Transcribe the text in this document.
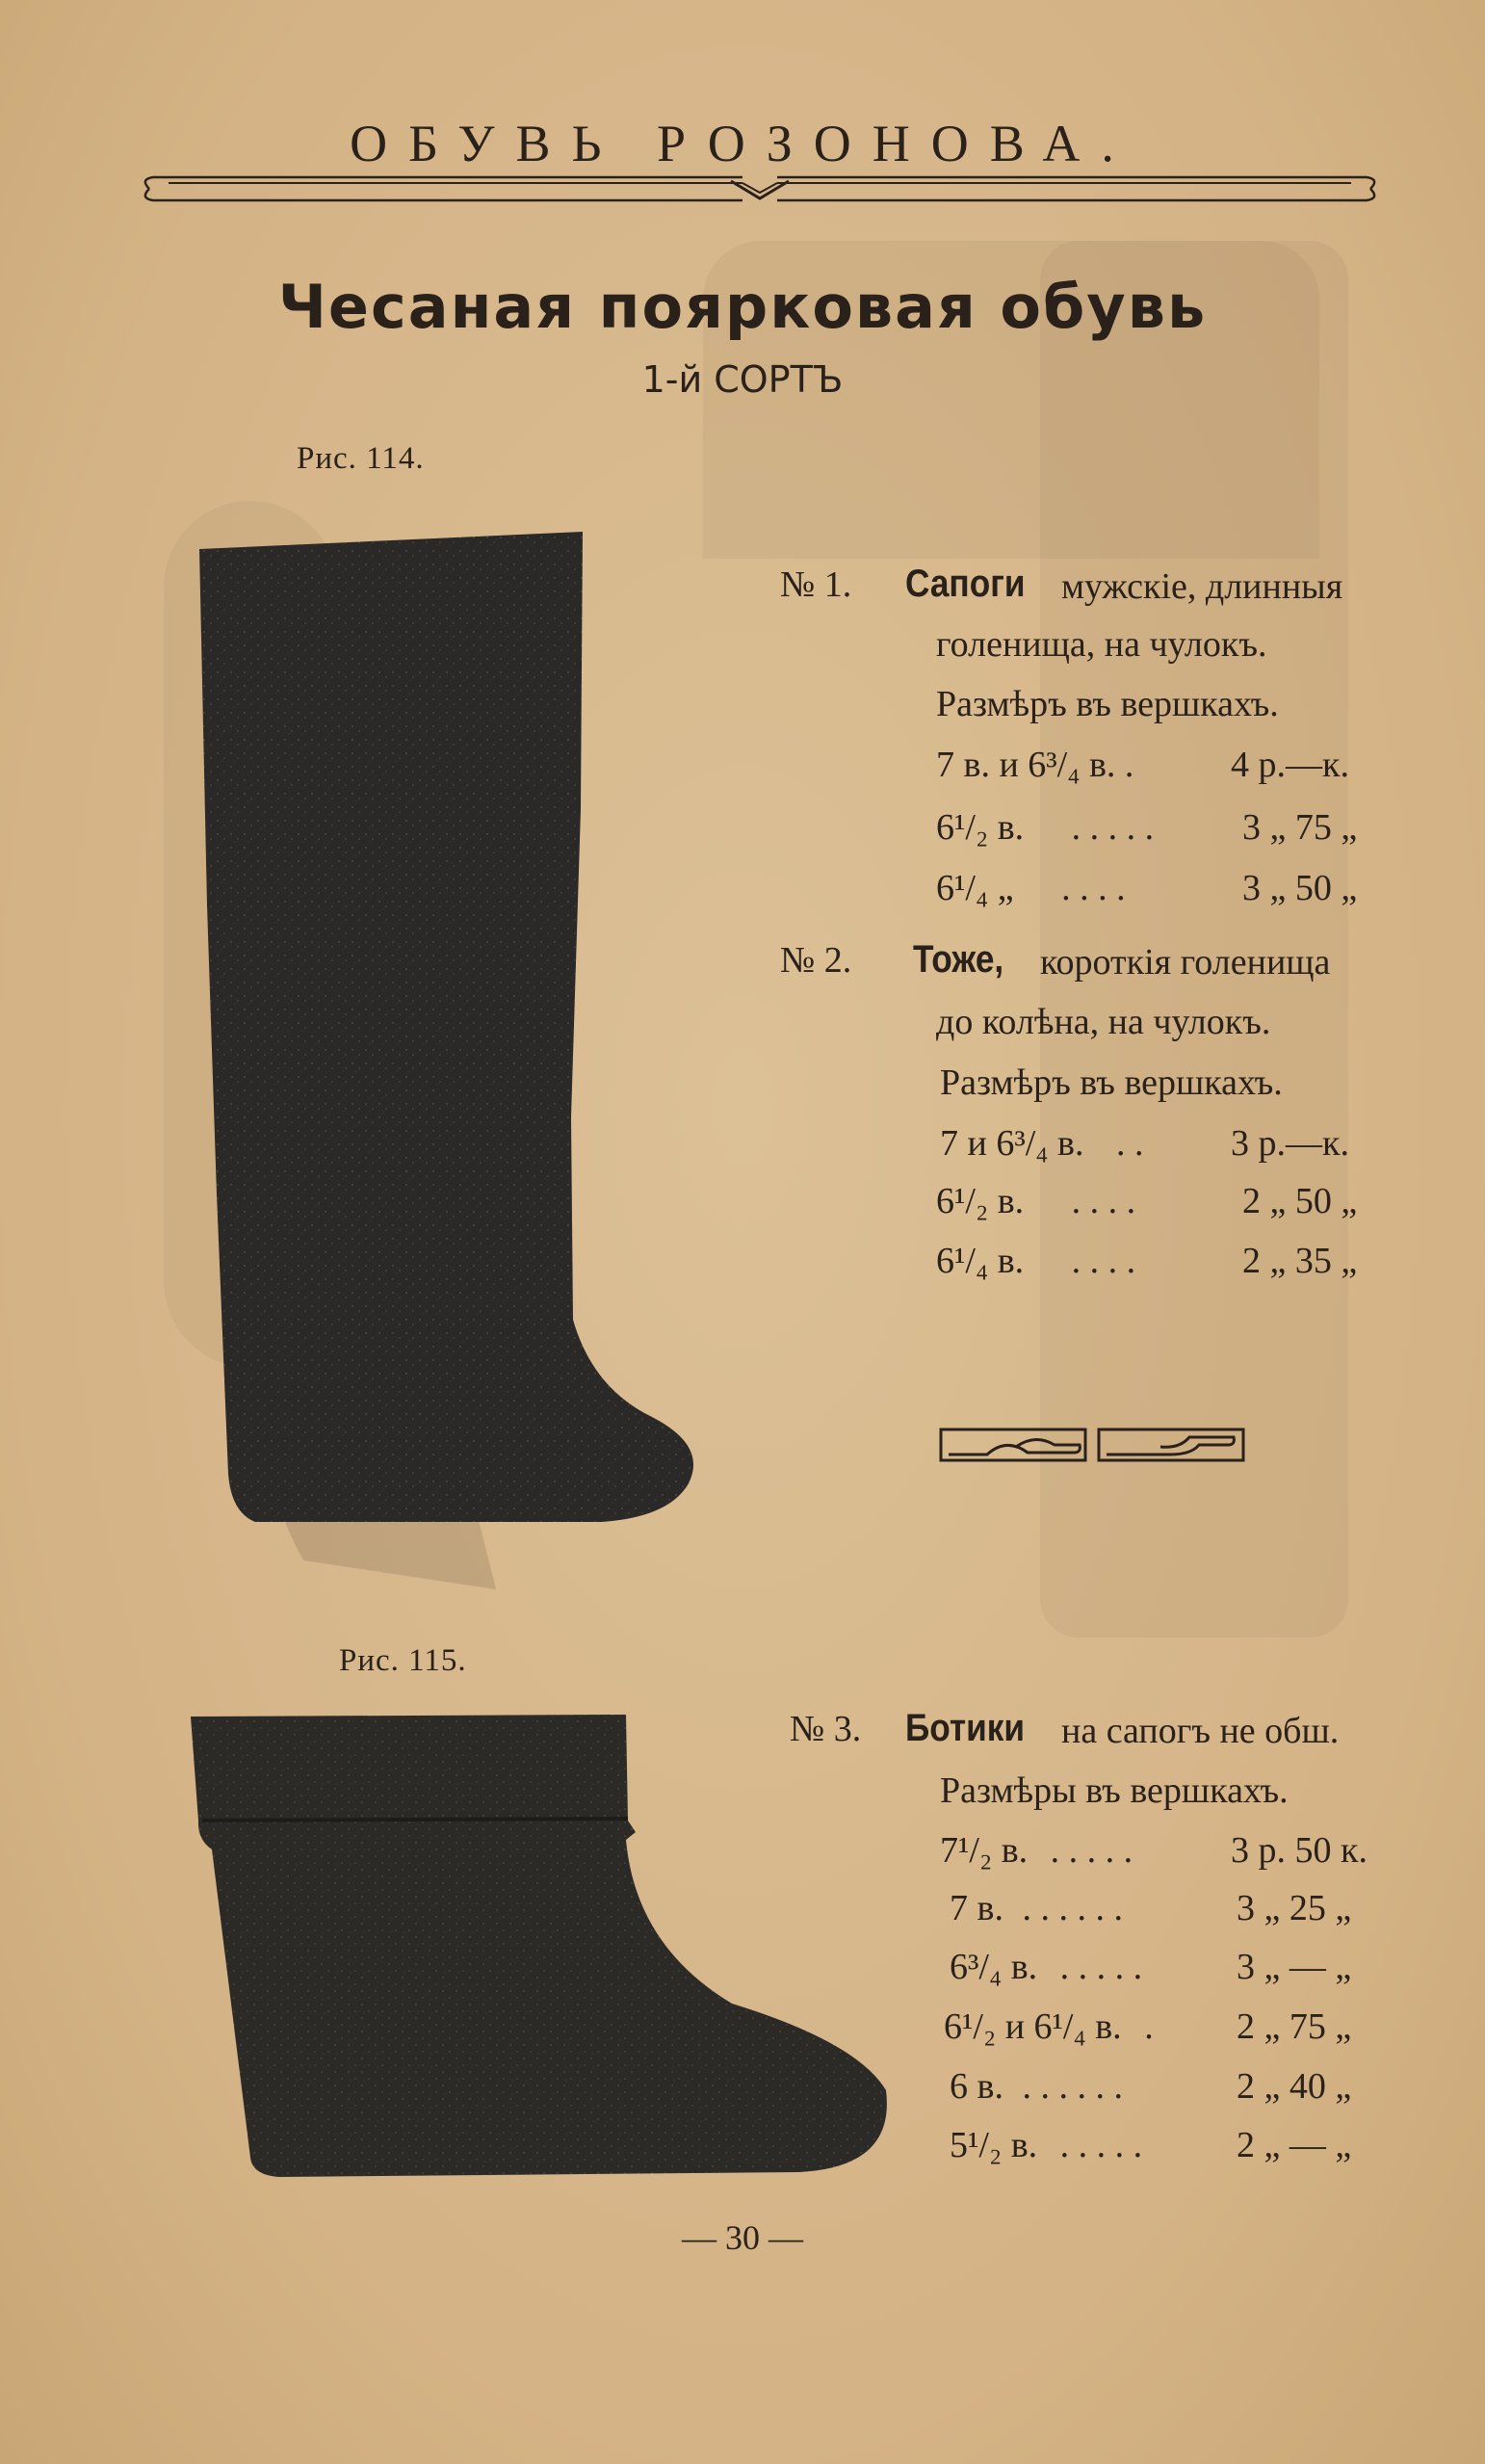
ОБУВЬ РОЗОНОВА.
Чесаная поярковая обувь
1-й СОРТЪ
Рис. 114.
№ 1. Сапоги мужскiе, длинныя
голенища, на чулокъ.
Размѣръ въ вершкахъ.
7 в. и 6³/₄ в. .	4 р.—к.
6¹/₂ в. . . . . . 3 „ 75 „
6¹/₄ „ . . . .	3 „ 50 „
№ 2. Тоже, короткiя голенища
до колѣна, на чулокъ.
Размѣръ въ вершкахъ.
7 и 6³/₄ в. . . 3 р.—к.
6¹/₂ в. . . . .	2 „ 50 „
6¹/₄ в. . . . .	2 „ 35 „
Рис. 115.
№ 3. Ботики на сапогъ не обш.
Размѣры въ вершкахъ.
7¹/₂ в. . . . . .	3 р. 50 к.
7 в. . . . . . .	3 „ 25 „
6³/₄ в. . . . . .	3 „ — „
6¹/₂ и 6¹/₄ в. . 2 „ 75 „
6 в. . . . . . .	2 „ 40 „
5¹/₂ в. . . . . .	2 „ — „
— 30 —
